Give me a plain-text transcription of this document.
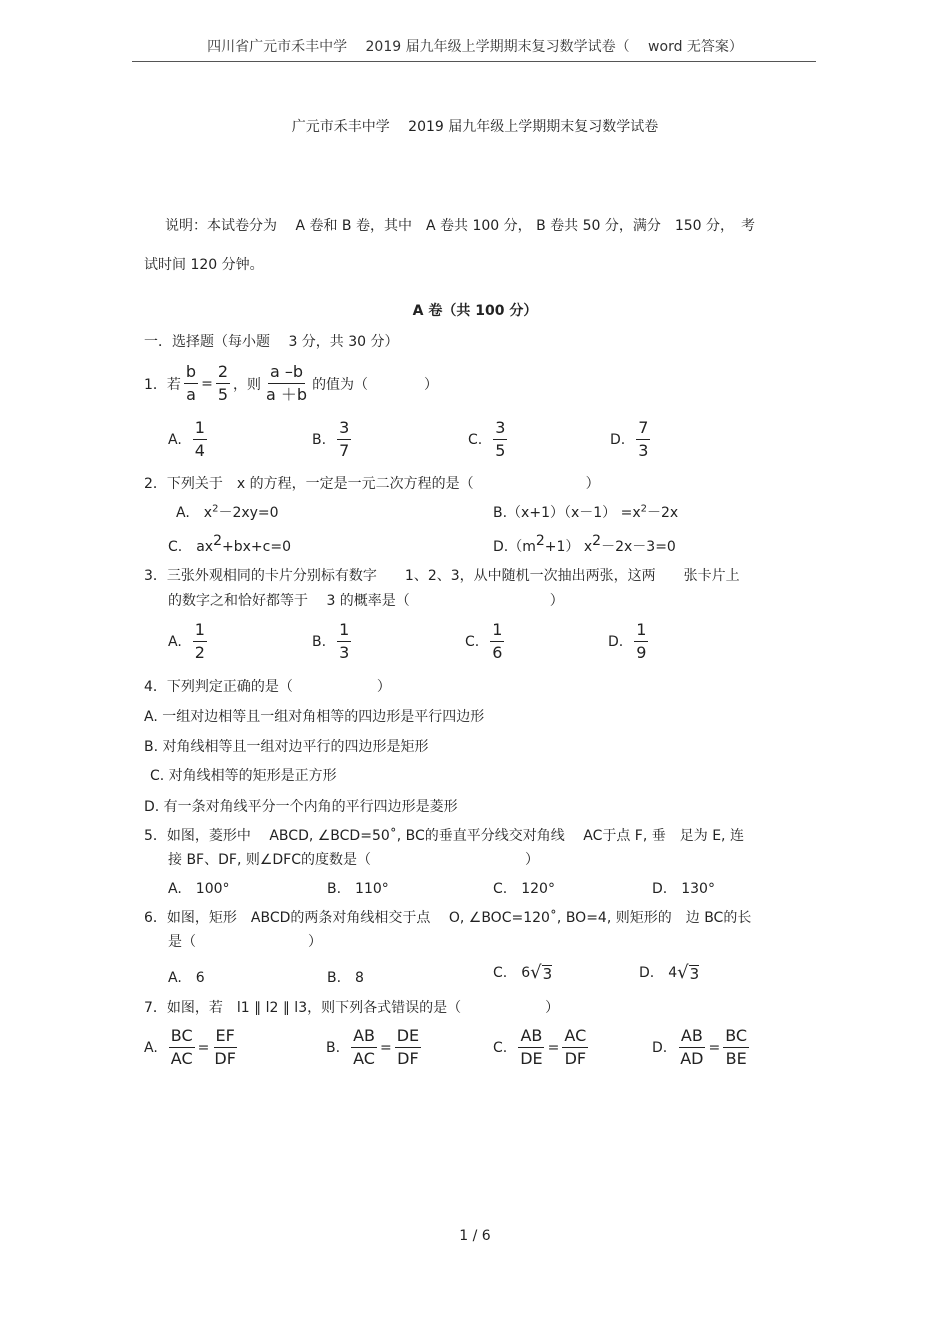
四川省广元市禾丰中学　 2019 届九年级上学期期末复习数学试卷（　 word 无答案）
广元市禾丰中学　 2019 届九年级上学期期末复习数学试卷
说明：本试卷分为　 A 卷和 B 卷，其中　A 卷共 100 分， B 卷共 50 分，满分　150 分，　考
试时间 120 分钟。
A 卷（共 100 分）
一．选择题（每小题　 3 分，共 30 分）
1．若 $\frac{b}{a} = \frac{2}{5}$ ，则 $\frac{a -b}{a +b}$ 的值为（　　　　）
A. $\frac{1}{4}$	B. $\frac{3}{7}$	C. $\frac{3}{5}$	D. $\frac{7}{3}$
2．下列关于　x 的方程，一定是一元二次方程的是（　　　　　　　　）
A.　$x^2-2xy=0$	$B.(x+1)(x-1) =x^2-2x$
C.　ax2+bx+c=0	D.（m2+1） x2－2x－3=0
3．三张外观相同的卡片分别标有数字　　1、2、3，从中随机一次抽出两张，这两　　张卡片上
的数字之和恰好都等于　 3 的概率是（　　　　　　　　　　）
A. $\frac{1}{2}$	B. $\frac{1}{3}$	C. $\frac{1}{6}$	D. $\frac{1}{9}$
4．下列判定正确的是（　　　　　　）
A. 一组对边相等且一组对角相等的四边形是平行四边形
B. 对角线相等且一组对边平行的四边形是矩形
C. 对角线相等的矩形是正方形
D. 有一条对角线平分一个内角的平行四边形是菱形
5．如图，菱形中　 ABCD, ∠BCD=50˚, BC的垂直平分线交对角线　 AC于点 F, 垂　足为 E, 连
接 BF、DF, 则∠DFC的度数是（　　　　　　　　　　　）
A.　100°	B.　110°	C.　120°	D.　130°
6．如图，矩形　ABCD的两条对角线相交于点　 O, ∠BOC=120˚, BO=4, 则矩形的　边 BC的长
是（　　　　　　　　）
A.　6	B.　8	C.　6 √ 3	D.　4 √ 3
7．如图，若　l1 ∥ l2 ∥ l3，则下列各式错误的是（　　　　　　）
A. $\frac{BC}{AC} = \frac{EF}{DF}$	B. $\frac{AB}{AC} = \frac{DE}{DF}$	C. $\frac{AB}{DE} = \frac{AC}{DF}$	D. $\frac{AB}{AD} = \frac{BC}{BE}$
1 / 6
